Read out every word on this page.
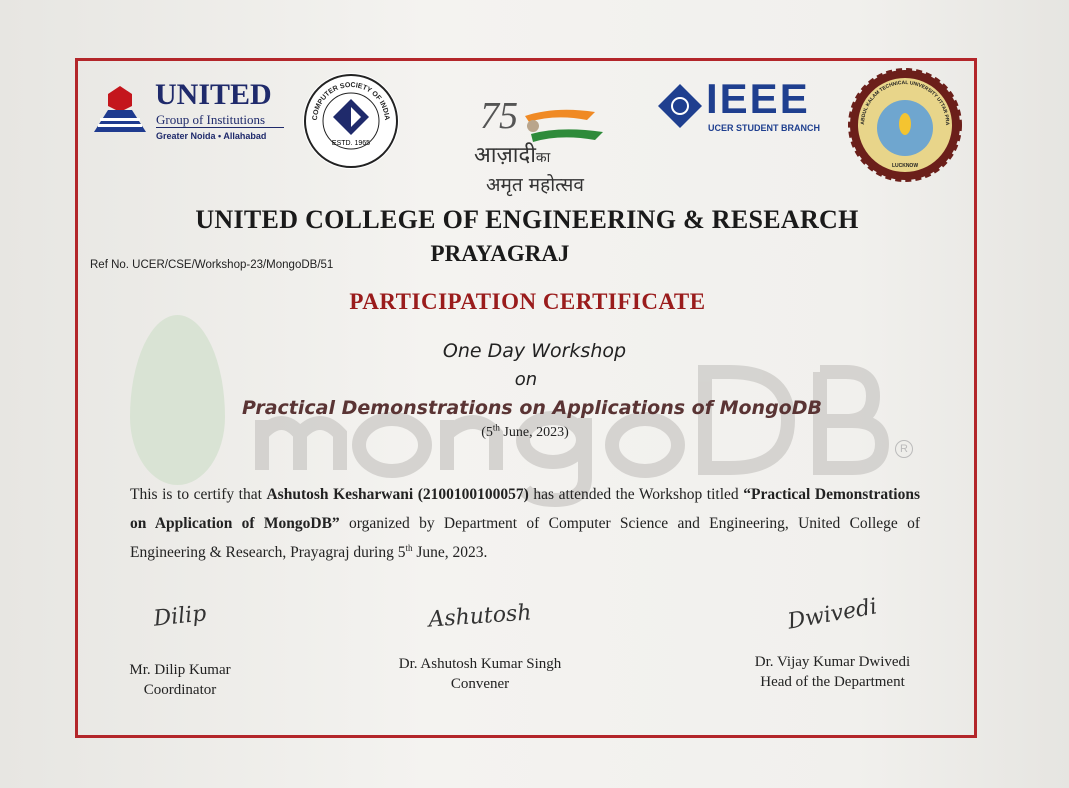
UNITED
Group of Institutions
Greater Noida • Allahabad
COMPUTER SOCIETY OF INDIA
ESTD. 1965
75
आज़ादीका
अमृत महोत्सव
IEEE
UCER STUDENT BRANCH
ABDUL KALAM TECHNICAL UNIVERSITY UTTAR PRA
LUCKNOW
UNITED COLLEGE OF ENGINEERING & RESEARCH
PRAYAGRAJ
Ref No. UCER/CSE/Workshop-23/MongoDB/51
R
PARTICIPATION CERTIFICATE
One Day Workshop
on
Practical Demonstrations on Applications of MongoDB
(5th June, 2023)
This is to certify that Ashutosh Kesharwani (2100100100057) has attended the Workshop titled “Practical Demonstrations on Application of MongoDB” organized by Department of Computer Science and Engineering, United College of Engineering & Research, Prayagraj during 5th June, 2023.
Dilip
Mr. Dilip Kumar
Coordinator
Ashutosh
Dr. Ashutosh Kumar Singh
Convener
Dwivedi
Dr. Vijay Kumar Dwivedi
Head of the Department
